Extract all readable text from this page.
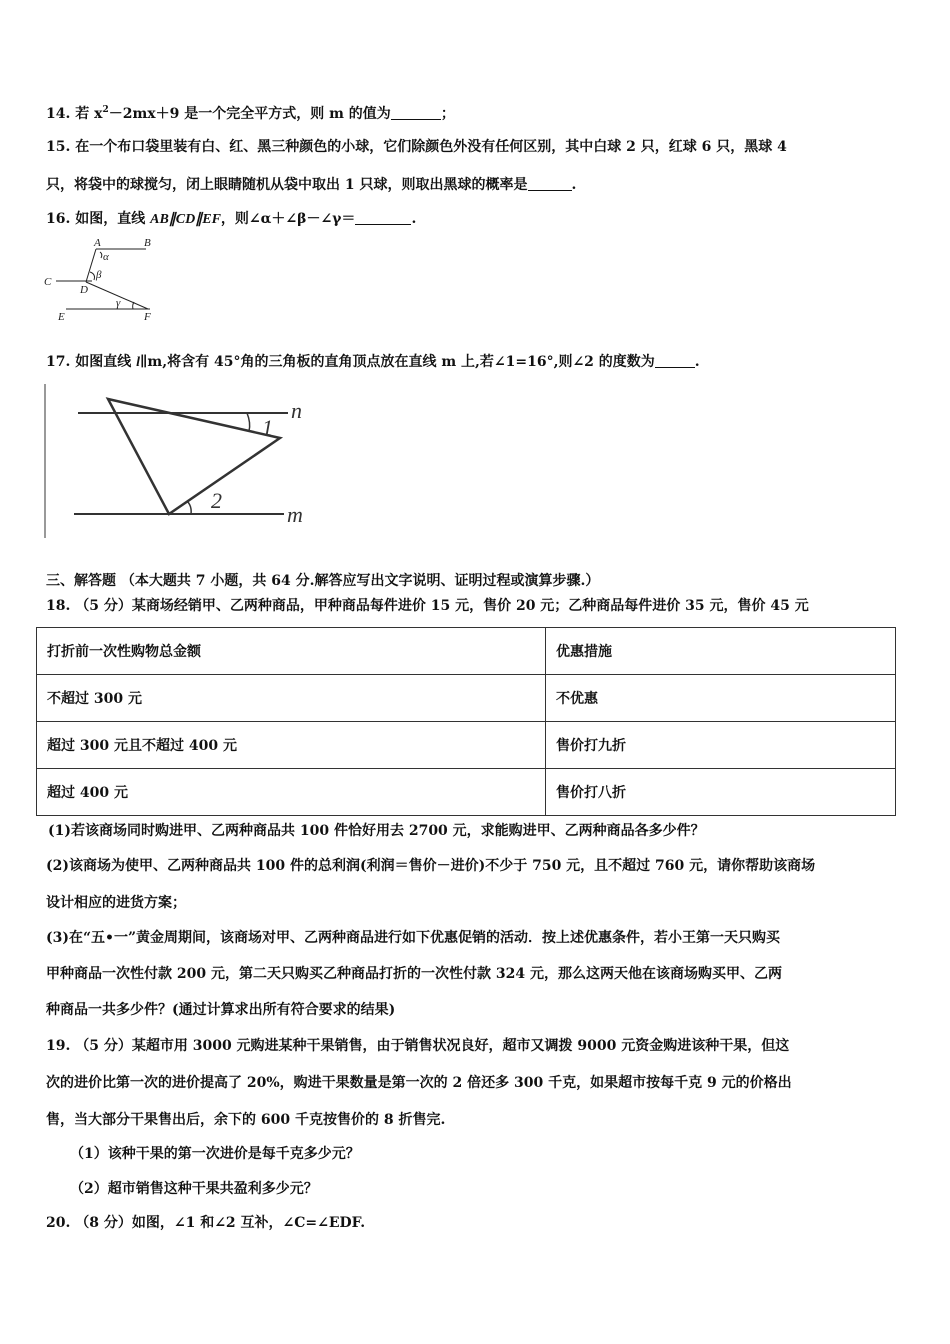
14. 若 $x^2-2mx+9$ 是一个完全平方式，则 m 的值为	；
15. 在一个布口袋里装有白、红、黑三种颜色的小球，它们除颜色外没有任何区别，其中白球 2 只，红球 6 只，黑球 4
只，将袋中的球搅匀，闭上眼睛随机从袋中取出 1 只球，则取出黑球的概率是	.
16. 如图，直线 AB∥CD∥EF，则∠α＋∠β－∠γ＝	.
A	B
C
D
E	F
α
β
γ
17. 如图直线 l∥m,将含有 45°角的三角板的直角顶点放在直线 m 上,若∠1=16°,则∠2 的度数为	.
n
m
1
2
三、解答题 （本大题共 7 小题，共 64 分.解答应写出文字说明、证明过程或演算步骤.）
18. （5 分）某商场经销甲、乙两种商品，甲种商品每件进价 15 元，售价 20 元；乙种商品每件进价 35 元，售价 45 元
打折前一次性购物总金额	优惠措施
不超过 300 元	不优惠
超过 300 元且不超过 400 元	售价打九折
超过 400 元	售价打八折
(1)若该商场同时购进甲、乙两种商品共 100 件恰好用去 2700 元，求能购进甲、乙两种商品各多少件？
(2)该商场为使甲、乙两种商品共 100 件的总利润(利润＝售价－进价)不少于 750 元，且不超过 760 元，请你帮助该商场
设计相应的进货方案；
(3)在“五•一”黄金周期间，该商场对甲、乙两种商品进行如下优惠促销的活动．按上述优惠条件，若小王第一天只购买
甲种商品一次性付款 200 元，第二天只购买乙种商品打折的一次性付款 324 元，那么这两天他在该商场购买甲、乙两
种商品一共多少件？(通过计算求出所有符合要求的结果)
19. （5 分）某超市用 3000 元购进某种干果销售，由于销售状况良好，超市又调拨 9000 元资金购进该种干果，但这
次的进价比第一次的进价提高了 20%，购进干果数量是第一次的 2 倍还多 300 千克，如果超市按每千克 9 元的价格出
售，当大部分干果售出后，余下的 600 千克按售价的 8 折售完.
（1）该种干果的第一次进价是每千克多少元？
（2）超市销售这种干果共盈利多少元？
20. （8 分）如图，∠1 和∠2 互补，∠C=∠EDF.
